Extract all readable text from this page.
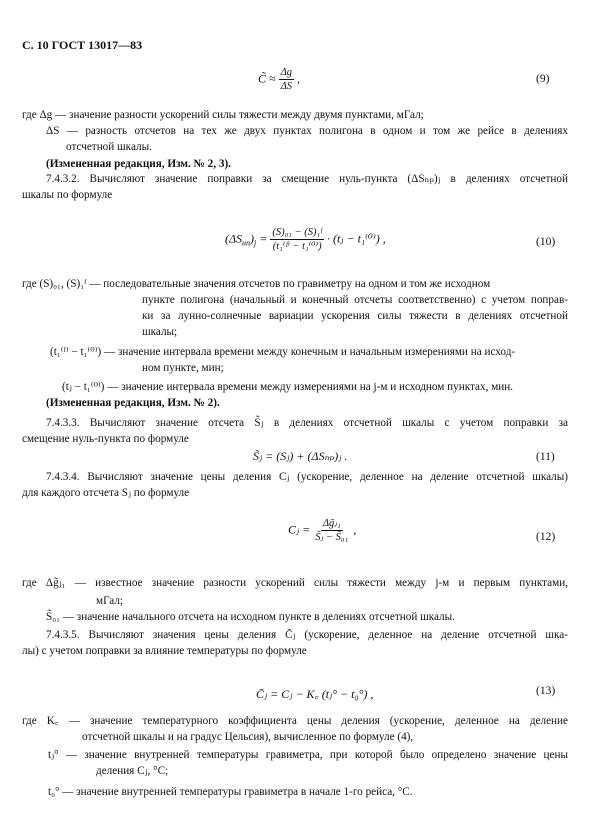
С. 10 ГОСТ 13017—83
C̃ ≈ $\frac{\Delta g}{\Delta S}$ ,	(9)
где Δg — значение разности ускорений силы тяжести между двумя пунктами, мГал;
ΔS — разность отсчетов на тех же двух пунктах полигона в одном и том же рейсе в делениях
отсчетной шкалы.
(Измененная редакция, Изм. № 2, 3).
7.4.3.2. Вычисляют значение поправки за смещение нуль-пункта (ΔSₙₚ)ⱼ в делениях отсчетной
шкалы по формуле
$(\Delta S_{нп})_j = \frac{\text{(S)₀₁ − (S)₁ᶠ}}{\text{(t₁⁽ᶠ⁾ − t₁⁽⁰⁾)}}$ · (tⱼ − t₁⁽⁰⁾) ,	(10)
где (S)₀₁, (S)₁ᶠ — последовательные значения отсчетов по гравиметру на одном и том же исходном
пункте полигона (начальный и конечный отсчеты соответственно) с учетом поправ-
ки за лунно-солнечные вариации ускорения силы тяжести в делениях отсчетной
шкалы;
(t₁⁽ᶠ⁾ − t₁⁽⁰⁾) — значение интервала времени между конечным и начальным измерениями на исход-
ном пункте, мин;
(tⱼ − t₁⁽⁰⁾) — значение интервала времени между измерениями на j-м и исходном пунктах, мин.
(Измененная редакция, Изм. № 2).
7.4.3.3. Вычисляют значение отсчета S̃ⱼ в делениях отсчетной шкалы с учетом поправки за
смещение нуль-пункта по формуле
S̃ⱼ = (Sⱼ) + (ΔSₙₚ)ⱼ .	(11)
7.4.3.4. Вычисляют значение цены деления Cⱼ (ускорение, деленное на деление отсчетной шкалы)
для каждого отсчета Sⱼ по формуле
Cⱼ = $\frac{\text{Δg̃ⱼ₁}}{\text{S̃ⱼ − S̃₀₁}}$ ,
(12)
где Δg̃ⱼ₁ — известное значение разности ускорений силы тяжести между j-м и первым пунктами,
мГал;
S̃₀₁ — значение начального отсчета на исходном пункте в делениях отсчетной шкалы.
7.4.3.5. Вычисляют значения цены деления C̄ⱼ (ускорение, деленное на деление отсчетной шка-
лы) с учетом поправки за влияние температуры по формуле
C̄ⱼ = Cⱼ − K꜀ (tⱼ° − t₀°) ,	(13)
где K꜀ — значение температурного коэффициента цены деления (ускорение, деленное на деление
отсчетной шкалы и на градус Цельсия), вычисленное по формуле (4),
tⱼ° — значение внутренней температуры гравиметра, при которой было определено значение цены
деления Cⱼ, °C;
t₀° — значение внутренней температуры гравиметра в начале 1-го рейса, °C.
